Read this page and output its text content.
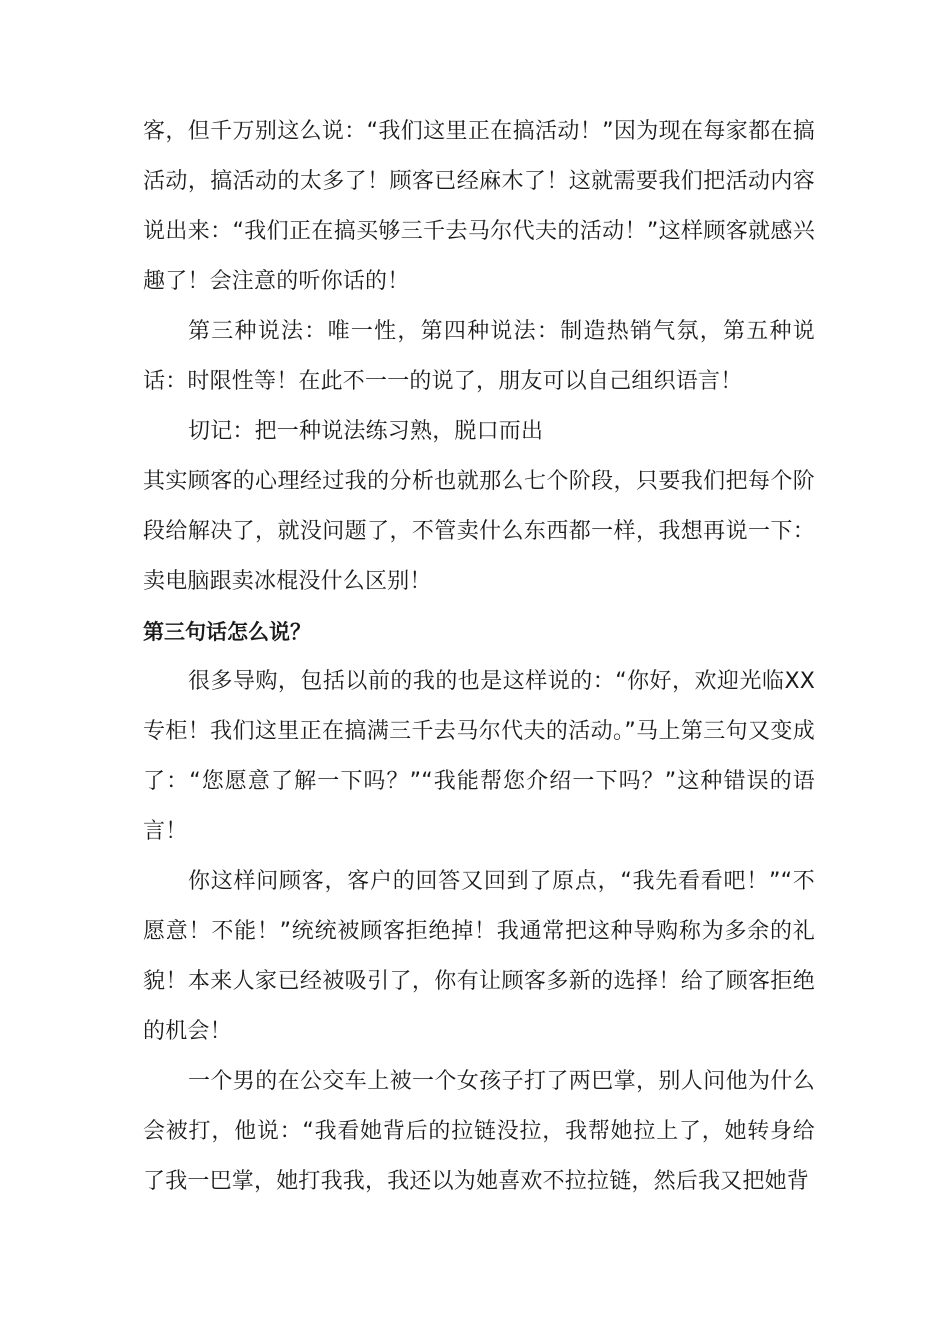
客，但千万别这么说：“我们这里正在搞活动！”因为现在每家都在搞活动，搞活动的太多了！顾客已经麻木了！这就需要我们把活动内容说出来：“我们正在搞买够三千去马尔代夫的活动！”这样顾客就感兴趣了！会注意的听你话的！

第三种说法：唯一性，第四种说法：制造热销气氛，第五种说话：时限性等！在此不一一的说了，朋友可以自己组织语言！

切记：把一种说法练习熟，脱口而出

其实顾客的心理经过我的分析也就那么七个阶段，只要我们把每个阶段给解决了，就没问题了，不管卖什么东西都一样，我想再说一下：卖电脑跟卖冰棍没什么区别！

第三句话怎么说？

很多导购，包括以前的我的也是这样说的：“你好，欢迎光临XX专柜！我们这里正在搞满三千去马尔代夫的活动。”马上第三句又变成了：“您愿意了解一下吗？”“我能帮您介绍一下吗？”这种错误的语言！

你这样问顾客，客户的回答又回到了原点，“我先看看吧！”“不愿意！不能！”统统被顾客拒绝掉！我通常把这种导购称为多余的礼貌！本来人家已经被吸引了，你有让顾客多新的选择！给了顾客拒绝的机会！

一个男的在公交车上被一个女孩子打了两巴掌，别人问他为什么会被打，他说：“我看她背后的拉链没拉，我帮她拉上了，她转身给了我一巴掌，她打我我，我还以为她喜欢不拉拉链，然后我又把她背
